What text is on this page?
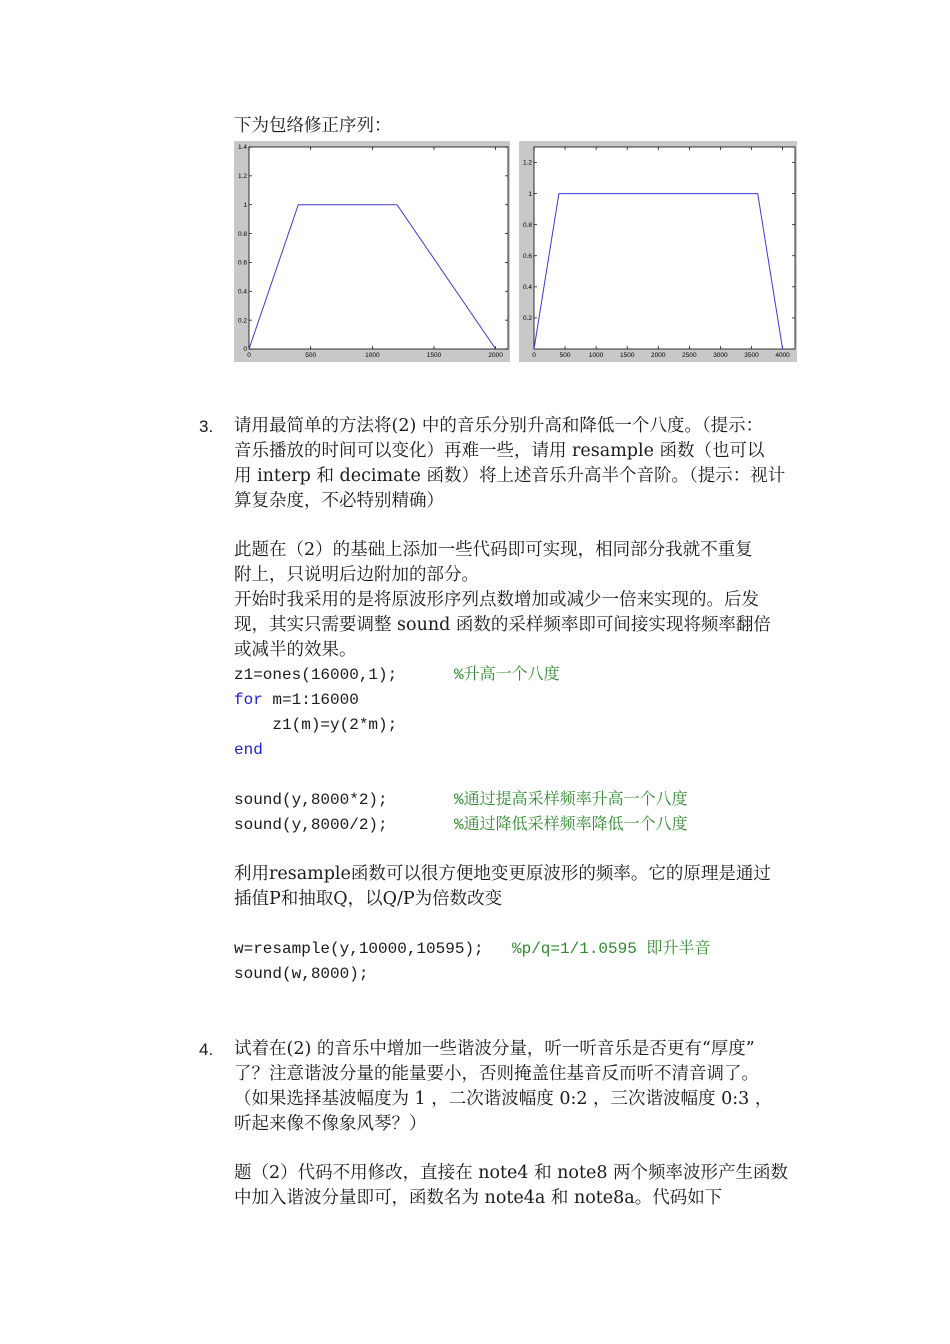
下为包络修正序列：
0	500	1000	1500	2000
0
0.2
0.4
0.6
0.8
1
1.2
1.4
0	500	1000	1500	2000	2500	3000	3500	4000
0.2
0.4
0.6
0.8
1
1.2
3. 请用最简单的方法将(2) 中的音乐分别升高和降低一个八度。（提示：
音乐播放的时间可以变化）再难一些，请用 resample 函数（也可以
用 interp 和 decimate 函数）将上述音乐升高半个音阶。（提示：视计
算复杂度，不必特别精确）
此题在（2）的基础上添加一些代码即可实现，相同部分我就不重复
附上，只说明后边附加的部分。
开始时我采用的是将原波形序列点数增加或减少一倍来实现的。后发
现，其实只需要调整 sound 函数的采样频率即可间接实现将频率翻倍
或减半的效果。
z1=ones(16000,1);	%升高一个八度
for m=1:16000
z1(m)=y(2*m);
end
sound(y,8000*2);	%通过提高采样频率升高一个八度
sound(y,8000/2);	%通过降低采样频率降低一个八度
利用resample函数可以很方便地变更原波形的频率。它的原理是通过
插值P和抽取Q，以Q/P为倍数改变
w=resample(y,10000,10595); %p/q=1/1.0595 即升半音
sound(w,8000);
4. 试着在(2) 的音乐中增加一些谐波分量，听一听音乐是否更有“厚度”
了？注意谐波分量的能量要小，否则掩盖住基音反而听不清音调了。
（如果选择基波幅度为 1 ，二次谐波幅度 0:2 ，三次谐波幅度 0:3 ，
听起来像不像象风琴？）
题（2）代码不用修改，直接在 note4 和 note8 两个频率波形产生函数
中加入谐波分量即可，函数名为 note4a 和 note8a。代码如下
